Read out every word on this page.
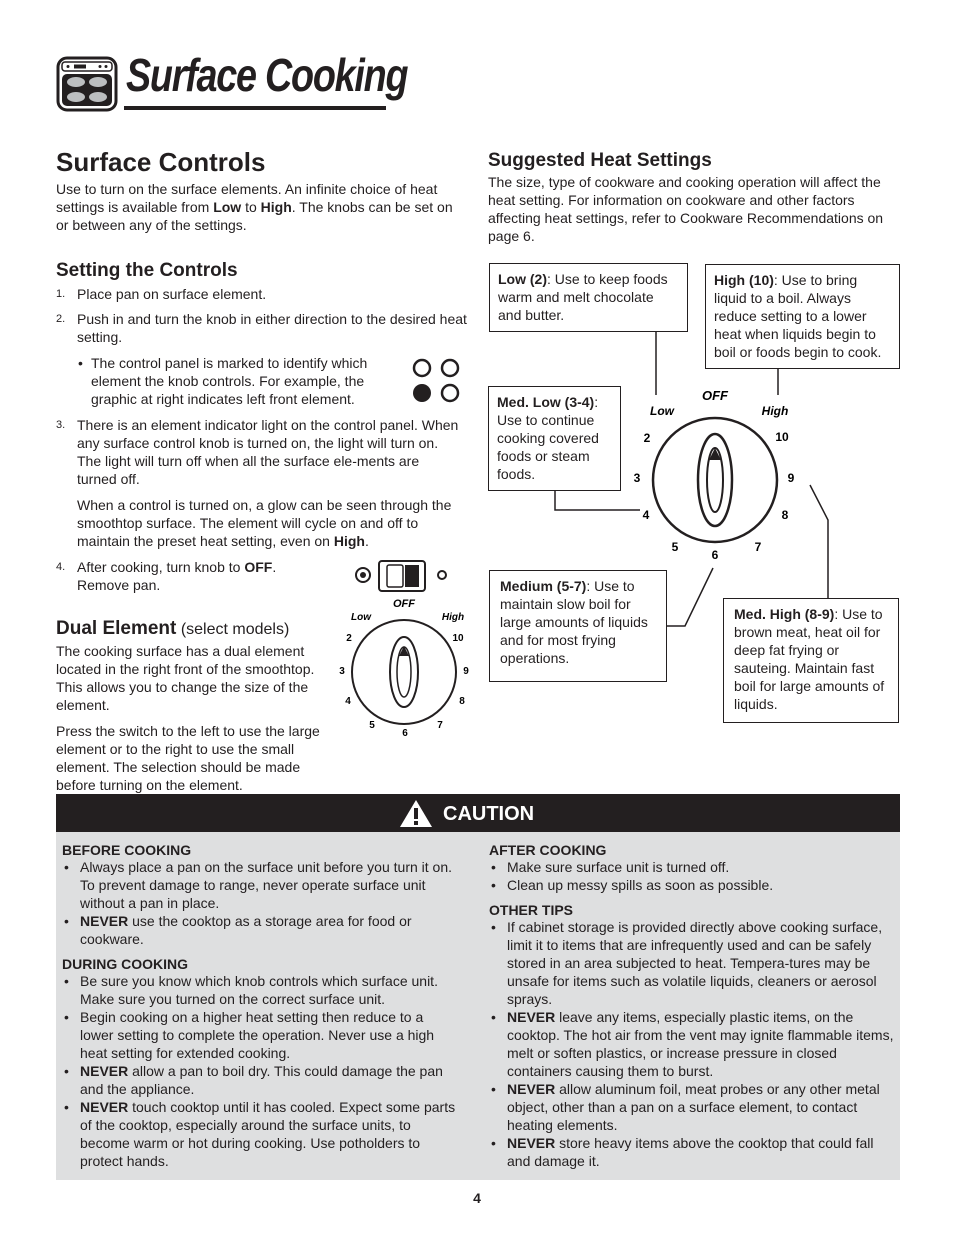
Surface Cooking
Surface Controls

Use to turn on the surface elements. An infinite choice of heat settings is available from Low to High. The knobs can be set on or between any of the settings.

Setting the Controls
1. Place pan on surface element.
2. Push in and turn the knob in either direction to the desired heat setting.
• The control panel is marked to identify which element the knob controls. For example, the graphic at right indicates left front element.
3. There is an element indicator light on the control panel. When any surface control knob is turned on, the light will turn on. The light will turn off when all the surface ele-ments are turned off.
When a control is turned on, a glow can be seen through the smoothtop surface. The element will cycle on and off to maintain the preset heat setting, even on High.
4. After cooking, turn knob to OFF. Remove pan.
OFF
Low	High
2
3
4
5
6
7
8
9
10
Dual Element (select models)

The cooking surface has a dual element located in the right front of the smoothtop. This allows you to change the size of the element.

Press the switch to the left to use the large element or to the right to use the small element. The selection should be made before turning on the element.

Suggested Heat Settings

The size, type of cookware and cooking operation will affect the heat setting. For information on cookware and other factors affecting heat settings, refer to Cookware Recommendations on page 6.

OFF
Low	High
2
3
4
5
6
7
8
9
10
Low (2): Use to keep foods warm and melt chocolate and butter.
High (10): Use to bring liquid to a boil. Always reduce setting to a lower heat when liquids begin to boil or foods begin to cook.
Med. Low (3-4): Use to continue cooking covered foods or steam foods.
Medium (5-7): Use to maintain slow boil for large amounts of liquids and for most frying operations.
Med. High (8-9): Use to brown meat, heat oil for deep fat frying or sauteing. Maintain fast boil for large amounts of liquids.
CAUTION
BEFORE COOKING
• Always place a pan on the surface unit before you turn it on. To prevent damage to range, never operate surface unit without a pan in place.
• NEVER use the cooktop as a storage area for food or cookware.
DURING COOKING
• Be sure you know which knob controls which surface unit. Make sure you turned on the correct surface unit.
• Begin cooking on a higher heat setting then reduce to a lower setting to complete the operation. Never use a high heat setting for extended cooking.
• NEVER allow a pan to boil dry. This could damage the pan and the appliance.
• NEVER touch cooktop until it has cooled. Expect some parts of the cooktop, especially around the surface units, to become warm or hot during cooking. Use potholders to protect hands.
AFTER COOKING
• Make sure surface unit is turned off.
• Clean up messy spills as soon as possible.
OTHER TIPS
• If cabinet storage is provided directly above cooking surface, limit it to items that are infrequently used and can be safely stored in an area subjected to heat. Tempera-tures may be unsafe for items such as volatile liquids, cleaners or aerosol sprays.
• NEVER leave any items, especially plastic items, on the cooktop. The hot air from the vent may ignite flammable items, melt or soften plastics, or increase pressure in closed containers causing them to burst.
• NEVER allow aluminum foil, meat probes or any other metal object, other than a pan on a surface element, to contact heating elements.
• NEVER store heavy items above the cooktop that could fall and damage it.
4
